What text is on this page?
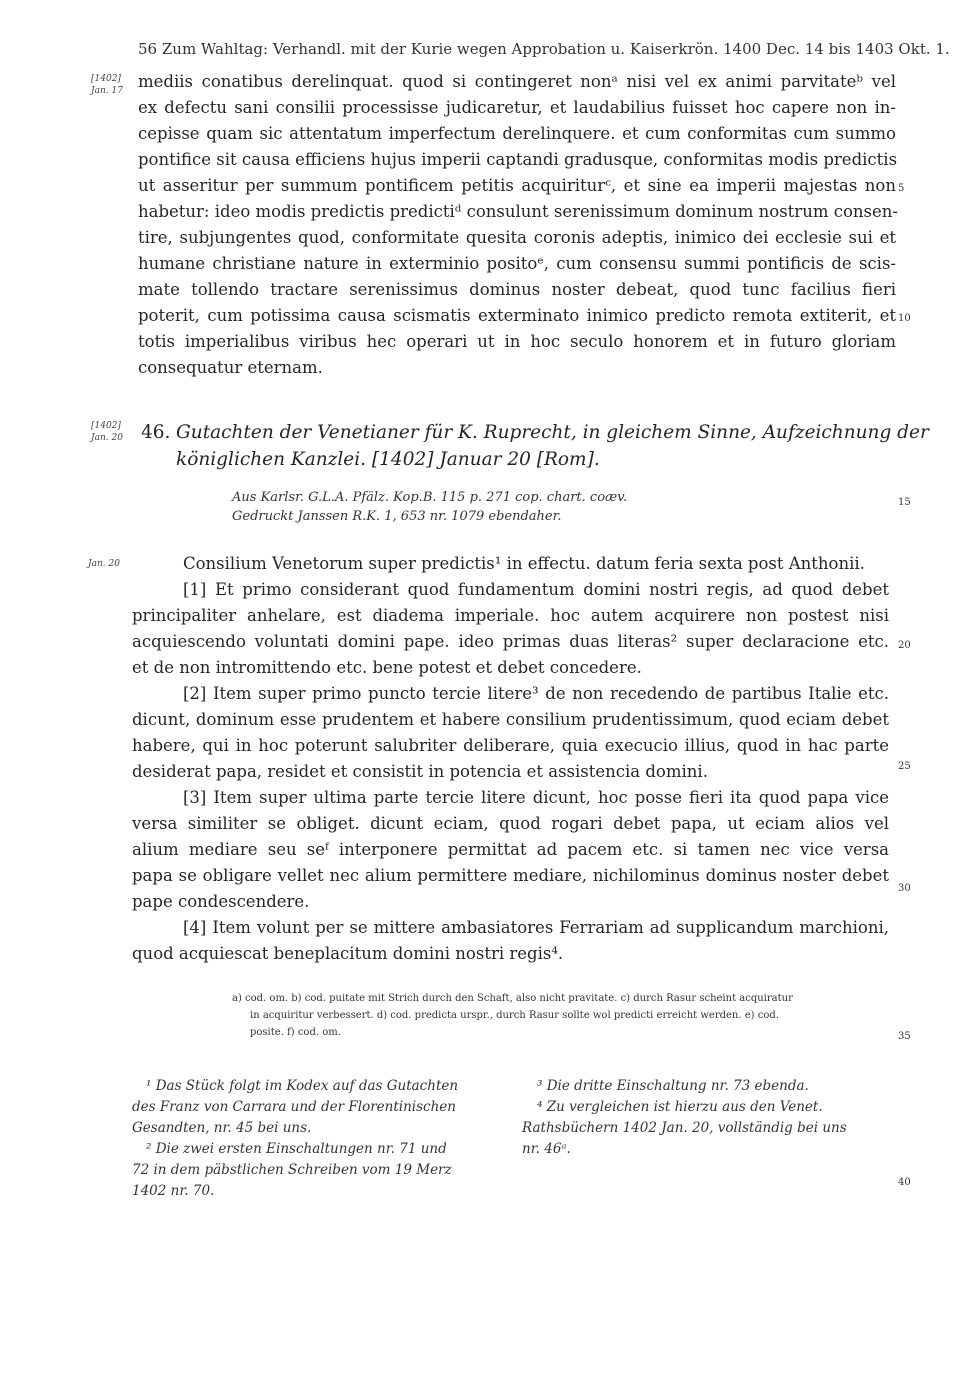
56 Zum Wahltag: Verhandl. mit der Kurie wegen Approbation u. Kaiserkrön. 1400 Dec. 14 bis 1403 Okt. 1.
[1402] Jan. 17 mediis conatibus derelinquat. quod si contingeret nonᵃ nisi vel ex animi parvitateᵇ vel
ex defectu sani consilii processisse judicaretur, et laudabilius fuisset hoc capere non in-
cepisse quam sic attentatum imperfectum derelinquere. et cum conformitas cum summo
pontifice sit causa efficiens hujus imperii captandi gradusque, conformitas modis predictis
ut asseritur per summum pontificem petitis acquiriturᶜ, et sine ea imperii majestas non
habetur: ideo modis predictis predictiᵈ consulunt serenissimum dominum nostrum consen-
tire, subjungentes quod, conformitate quesita coronis adeptis, inimico dei ecclesie sui et
humane christiane nature in exterminio positoᵉ, cum consensu summi pontificis de scis-
mate tollendo tractare serenissimus dominus noster debeat, quod tunc facilius fieri
poterit, cum potissima causa scismatis exterminato inimico predicto remota extiterit, et
totis imperialibus viribus hec operari ut in hoc seculo honorem et in futuro gloriam
consequatur eternam.
5
10
15
20
25
30
35
40
[1402] Jan. 20 46. Gutachten der Venetianer für K. Ruprecht, in gleichem Sinne, Aufzeichnung der
königlichen Kanzlei. [1402] Januar 20 [Rom].
Aus Karlsr. G.L.A. Pfälz. Kop.B. 115 p. 271 cop. chart. coæv.
Gedruckt Janssen R.K. 1, 653 nr. 1079 ebendaher.
Jan. 20	Consilium Venetorum super predictis¹ in effectu. datum feria sexta post Anthonii.
[1] Et primo considerant quod fundamentum domini nostri regis, ad quod debet
principaliter anhelare, est diadema imperiale. hoc autem acquirere non postest nisi
acquiescendo voluntati domini pape. ideo primas duas literas² super declaracione etc.
et de non intromittendo etc. bene potest et debet concedere.
[2] Item super primo puncto tercie litere³ de non recedendo de partibus Italie etc.
dicunt, dominum esse prudentem et habere consilium prudentissimum, quod eciam debet
habere, qui in hoc poterunt salubriter deliberare, quia execucio illius, quod in hac parte
desiderat papa, residet et consistit in potencia et assistencia domini.
[3] Item super ultima parte tercie litere dicunt, hoc posse fieri ita quod papa vice
versa similiter se obliget. dicunt eciam, quod rogari debet papa, ut eciam alios vel
alium mediare seu seᶠ interponere permittat ad pacem etc. si tamen nec vice versa
papa se obligare vellet nec alium permittere mediare, nichilominus dominus noster debet
pape condescendere.
[4] Item volunt per se mittere ambasiatores Ferrariam ad supplicandum marchioni,
quod acquiescat beneplacitum domini nostri regis⁴.
a) cod. om. b) cod. puitate mit Strich durch den Schaft, also nicht pravitate. c) durch Rasur scheint acquiratur
in acquiritur verbessert. d) cod. predicta urspr., durch Rasur sollte wol predicti erreicht werden. e) cod.
posite. f) cod. om.
¹ Das Stück folgt im Kodex auf das Gutachten
des Franz von Carrara und der Florentinischen
Gesandten, nr. 45 bei uns.
² Die zwei ersten Einschaltungen nr. 71 und
72 in dem päbstlichen Schreiben vom 19 Merz
1402 nr. 70.
³ Die dritte Einschaltung nr. 73 ebenda.
⁴ Zu vergleichen ist hierzu aus den Venet.
Rathsbüchern 1402 Jan. 20, vollständig bei uns
nr. 46ᵃ.
